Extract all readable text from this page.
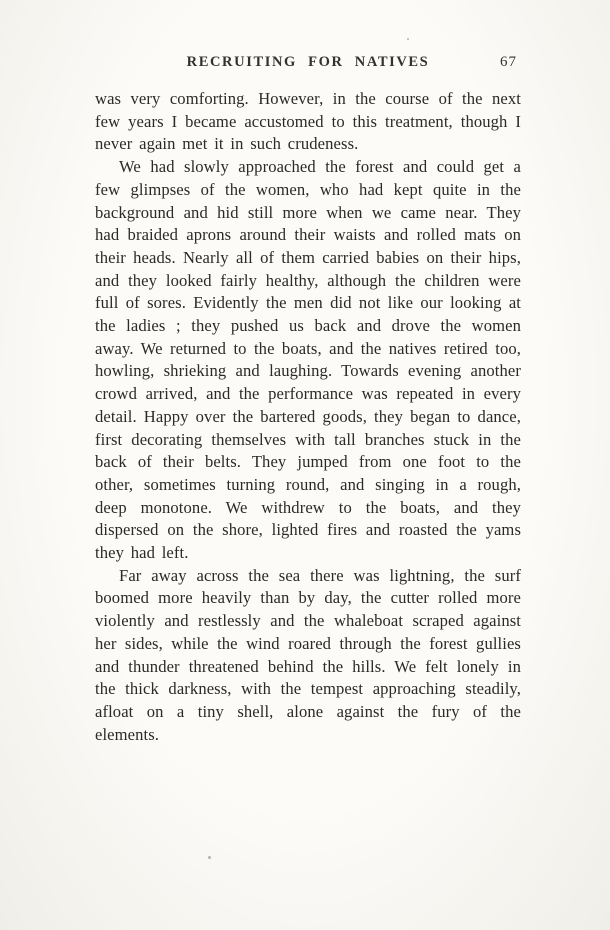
RECRUITING FOR NATIVES	67

was very comforting. However, in the course of the next few years I became accustomed to this treatment, though I never again met it in such crudeness.

We had slowly approached the forest and could get a few glimpses of the women, who had kept quite in the background and hid still more when we came near. They had braided aprons around their waists and rolled mats on their heads. Nearly all of them carried babies on their hips, and they looked fairly healthy, although the children were full of sores. Evidently the men did not like our looking at the ladies ; they pushed us back and drove the women away. We returned to the boats, and the natives retired too, howling, shrieking and laughing. Towards evening another crowd arrived, and the performance was repeated in every detail. Happy over the bartered goods, they began to dance, first decorating themselves with tall branches stuck in the back of their belts. They jumped from one foot to the other, sometimes turning round, and singing in a rough, deep monotone. We withdrew to the boats, and they dispersed on the shore, lighted fires and roasted the yams they had left.

Far away across the sea there was lightning, the surf boomed more heavily than by day, the cutter rolled more violently and restlessly and the whaleboat scraped against her sides, while the wind roared through the forest gullies and thunder threatened behind the hills. We felt lonely in the thick darkness, with the tempest approaching steadily, afloat on a tiny shell, alone against the fury of the elements.
